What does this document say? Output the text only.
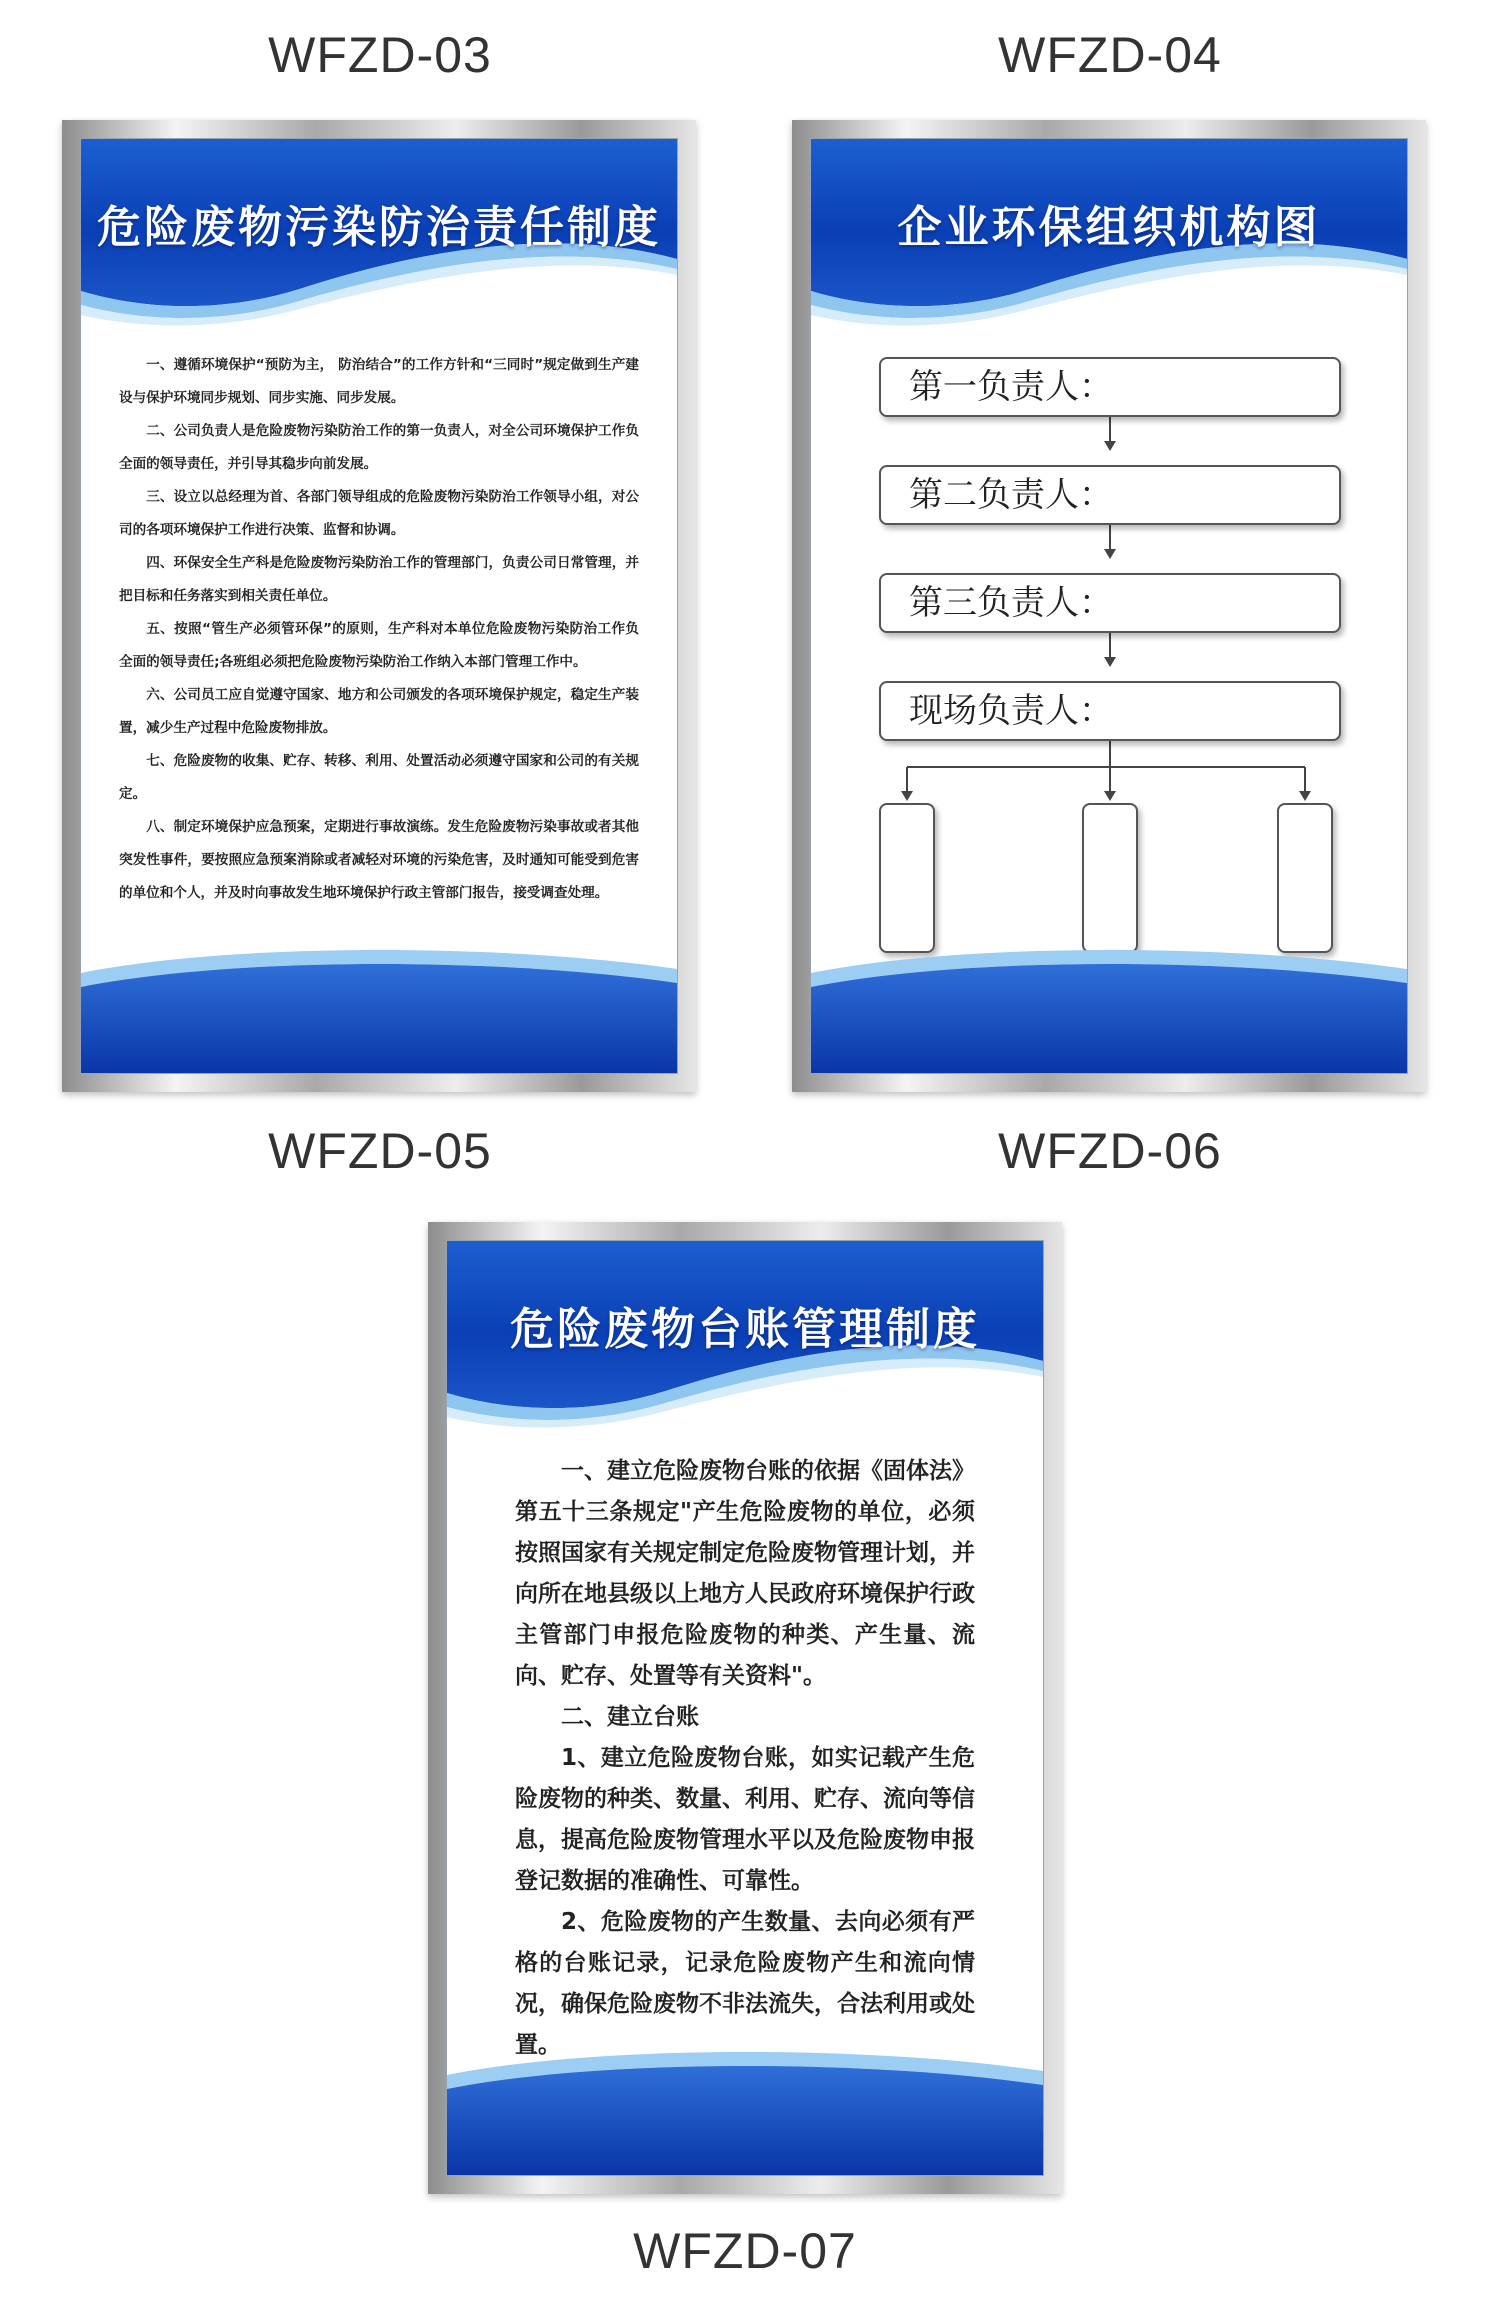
WFZD-03	WFZD-04
WFZD-05	WFZD-06
WFZD-07
危险废物污染防治责任制度

一、遵循环境保护“预防为主， 防治结合”的工作方针和“三同时”规定做到生产建设与保护环境同步规划、同步实施、同步发展。

二、公司负责人是危险废物污染防治工作的第一负责人，对全公司环境保护工作负全面的领导责任，并引导其稳步向前发展。

三、设立以总经理为首、各部门领导组成的危险废物污染防治工作领导小组，对公司的各项环境保护工作进行决策、监督和协调。

四、环保安全生产科是危险废物污染防治工作的管理部门，负责公司日常管理，并把目标和任务落实到相关责任单位。

五、按照“管生产必须管环保”的原则，生产科对本单位危险废物污染防治工作负全面的领导责任;各班组必须把危险废物污染防治工作纳入本部门管理工作中。

六、公司员工应自觉遵守国家、地方和公司颁发的各项环境保护规定，稳定生产装置，减少生产过程中危险废物排放。

七、危险废物的收集、贮存、转移、利用、处置活动必须遵守国家和公司的有关规定。

八、制定环境保护应急预案，定期进行事故演练。发生危险废物污染事故或者其他突发性事件，要按照应急预案消除或者减轻对环境的污染危害，及时通知可能受到危害的单位和个人，并及时向事故发生地环境保护行政主管部门报告，接受调查处理。

企业环保组织机构图
第一负责人：
第二负责人：
第三负责人：
现场负责人：
危险废物台账管理制度

一、建立危险废物台账的依据《固体法》第五十三条规定"产生危险废物的单位，必须按照国家有关规定制定危险废物管理计划，并向所在地县级以上地方人民政府环境保护行政主管部门申报危险废物的种类、产生量、流向、贮存、处置等有关资料"。

二、建立台账

1、建立危险废物台账，如实记载产生危险废物的种类、数量、利用、贮存、流向等信息，提高危险废物管理水平以及危险废物申报登记数据的准确性、可靠性。

2、危险废物的产生数量、去向必须有严格的台账记录，记录危险废物产生和流向情况，确保危险废物不非法流失，合法利用或处置。
